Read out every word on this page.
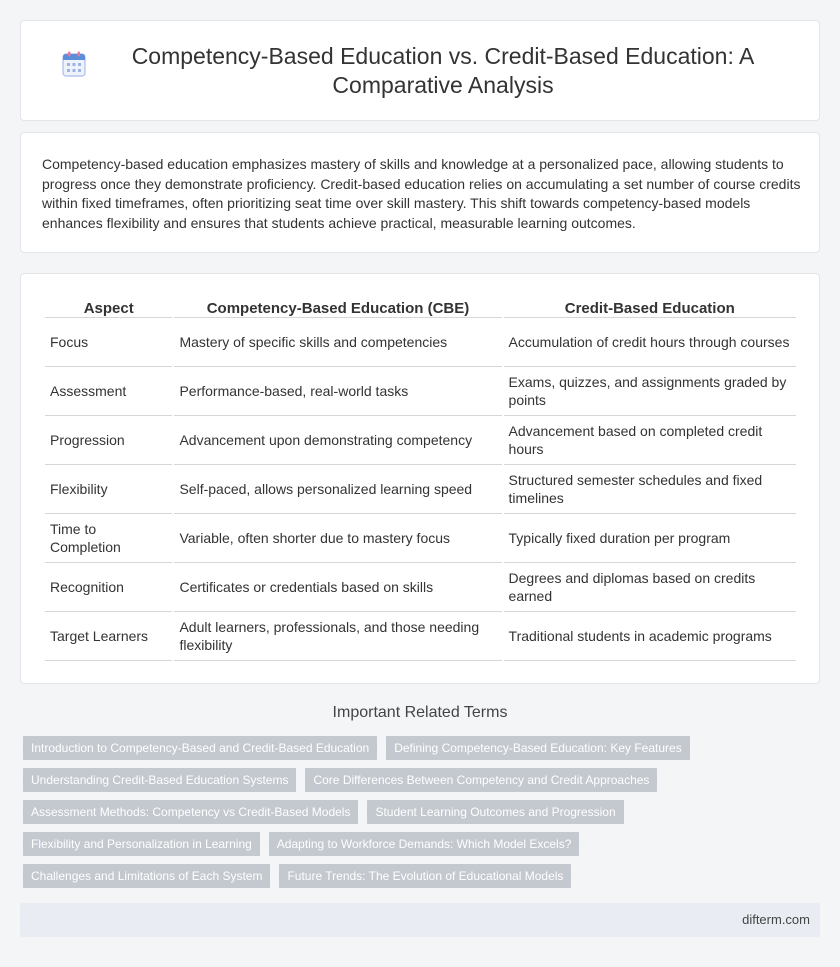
Competency-Based Education vs. Credit-Based Education: A Comparative Analysis

Competency-based education emphasizes mastery of skills and knowledge at a personalized pace, allowing students to progress once they demonstrate proficiency. Credit-based education relies on accumulating a set number of course credits within fixed timeframes, often prioritizing seat time over skill mastery. This shift towards competency-based models enhances flexibility and ensures that students achieve practical, measurable learning outcomes.

Aspect	Competency-Based Education (CBE)	Credit-Based Education
Focus	Mastery of specific skills and competencies	Accumulation of credit hours through courses
Assessment	Performance-based, real-world tasks	Exams, quizzes, and assignments graded by points
Progression	Advancement upon demonstrating competency	Advancement based on completed credit hours
Flexibility	Self-paced, allows personalized learning speed	Structured semester schedules and fixed timelines
Time to Completion	Variable, often shorter due to mastery focus	Typically fixed duration per program
Recognition	Certificates or credentials based on skills	Degrees and diplomas based on credits earned
Target Learners	Adult learners, professionals, and those needing flexibility	Traditional students in academic programs
Important Related Terms
Introduction to Competency-Based and Credit-Based Education	Defining Competency-Based Education: Key Features
Understanding Credit-Based Education Systems	Core Differences Between Competency and Credit Approaches
Assessment Methods: Competency vs Credit-Based Models	Student Learning Outcomes and Progression
Flexibility and Personalization in Learning	Adapting to Workforce Demands: Which Model Excels?
Challenges and Limitations of Each System	Future Trends: The Evolution of Educational Models
difterm.com
